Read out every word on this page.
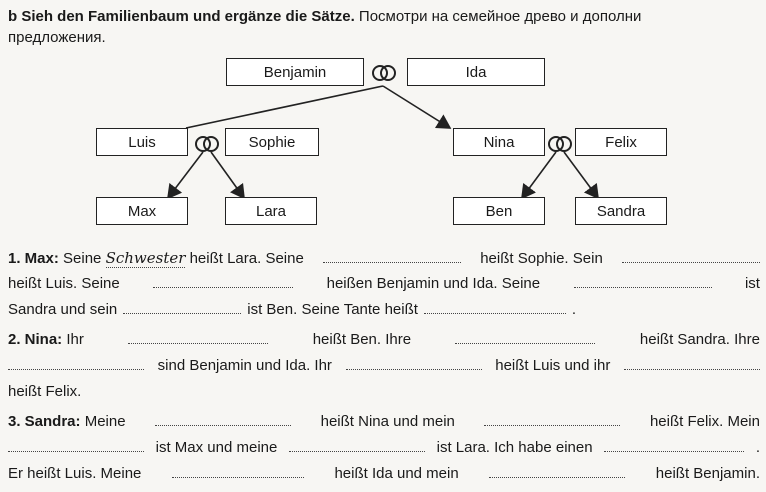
b Sieh den Familienbaum und ergänze die Sätze. Посмотри на семейное древо и дополни
предложения.
Benjamin	Ida
Luis	Sophie	Nina	Felix
Max	Lara	Ben	Sandra
1. Max: Seine Schwester heißt Lara. Seine	heißt Sophie. Sein
heißt Luis. Seine	heißen Benjamin und Ida. Seine	ist
Sandra und sein	ist Ben. Seine Tante heißt	.
2. Nina: Ihr	heißt Ben. Ihre	heißt Sandra. Ihre
sind Benjamin und Ida. Ihr	heißt Luis und ihr
heißt Felix.
3. Sandra: Meine	heißt Nina und mein	heißt Felix. Mein
ist Max und meine	ist Lara. Ich habe einen	.
Er heißt Luis. Meine	heißt Ida und mein	heißt Benjamin.
